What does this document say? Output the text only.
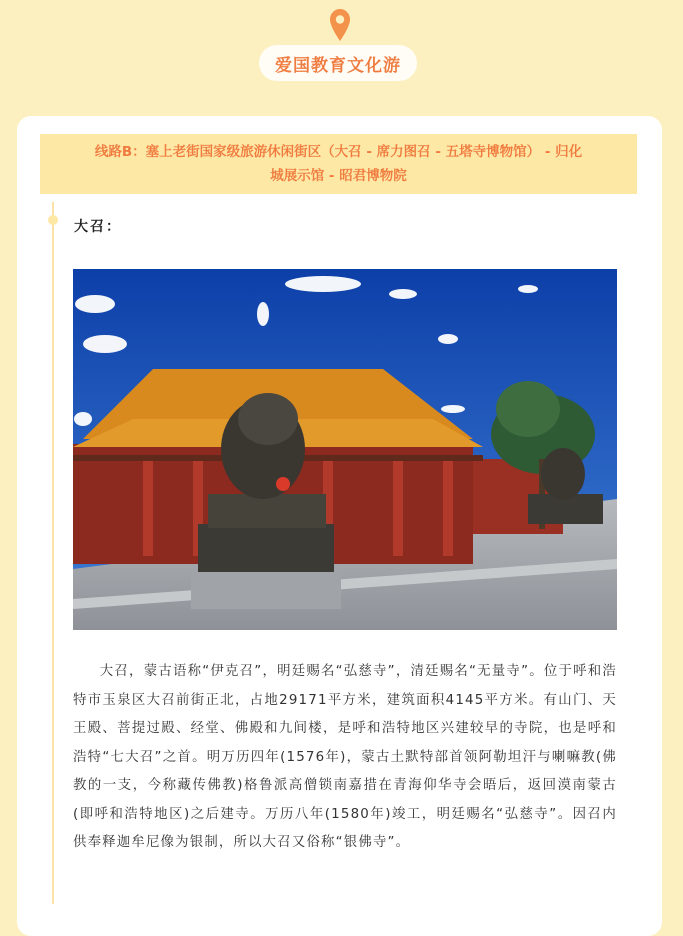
爱国教育文化游
线路B：塞上老街国家级旅游休闲街区（大召 - 席力图召 - 五塔寺博物馆） - 归化
城展示馆 - 昭君博物院
大召：

大召，蒙古语称“伊克召”，明廷赐名“弘慈寺”，清廷赐名“无量寺”。位于呼和浩特市玉泉区大召前街正北，占地29171平方米，建筑面积4145平方米。有山门、天王殿、菩提过殿、经堂、佛殿和九间楼，是呼和浩特地区兴建较早的寺院，也是呼和浩特“七大召”之首。明万历四年(1576年)，蒙古土默特部首领阿勒坦汗与喇嘛教(佛教的一支，今称藏传佛教)格鲁派高僧锁南嘉措在青海仰华寺会晤后，返回漠南蒙古(即呼和浩特地区)之后建寺。万历八年(1580年)竣工，明廷赐名“弘慈寺”。因召内供奉释迦牟尼像为银制，所以大召又俗称“银佛寺”。
